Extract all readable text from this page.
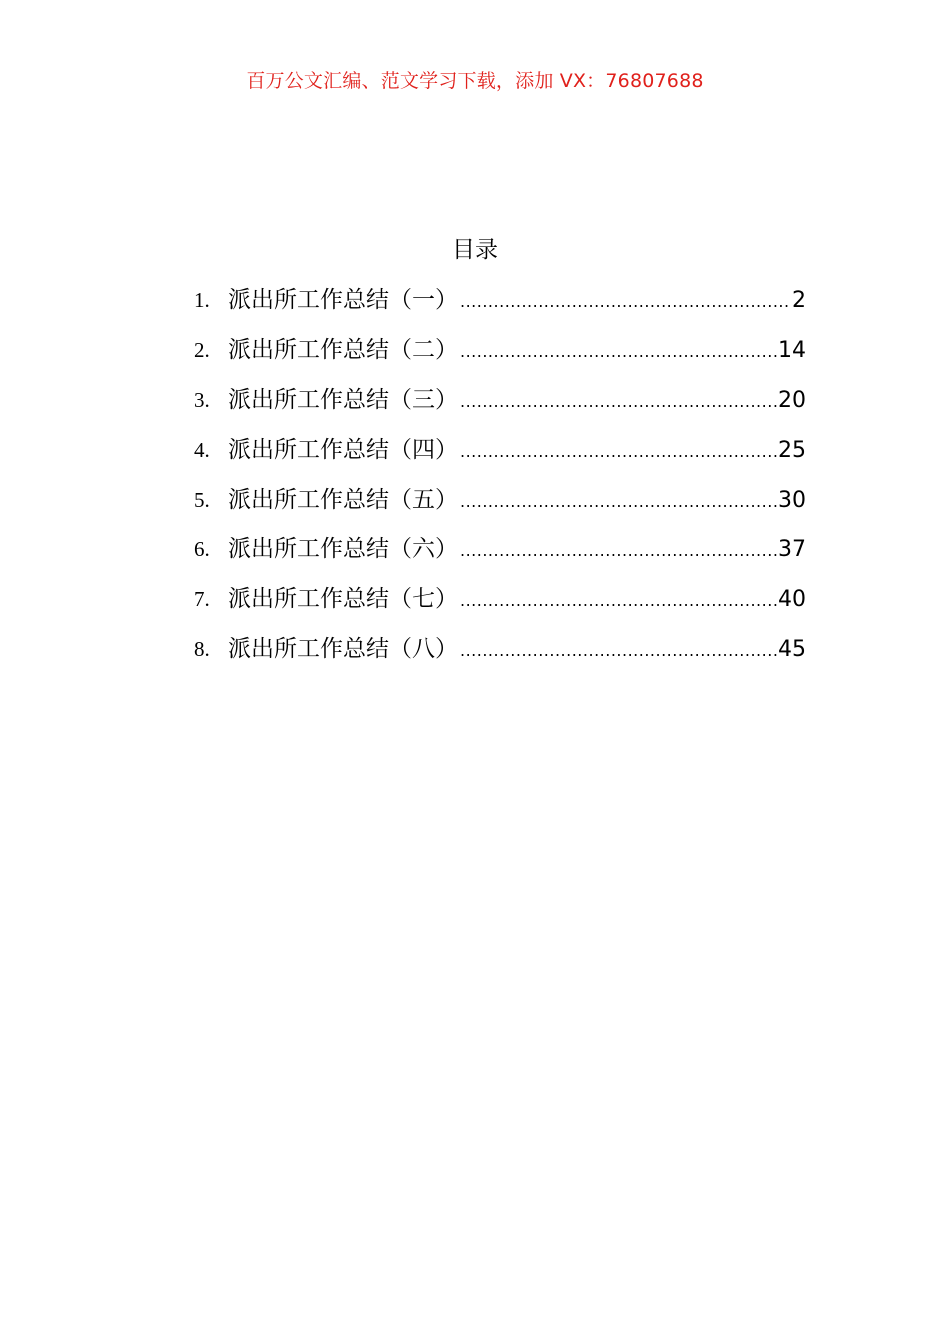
百万公文汇编、范文学习下载，添加 VX：76807688
目录
1. 派出所工作总结（一） .....	2
2. 派出所工作总结（二） .....	14
3. 派出所工作总结（三） .....	20
4. 派出所工作总结（四） .....	25
5. 派出所工作总结（五） .....	30
6. 派出所工作总结（六） .....	37
7. 派出所工作总结（七） .....	40
8. 派出所工作总结（八） .....	45
